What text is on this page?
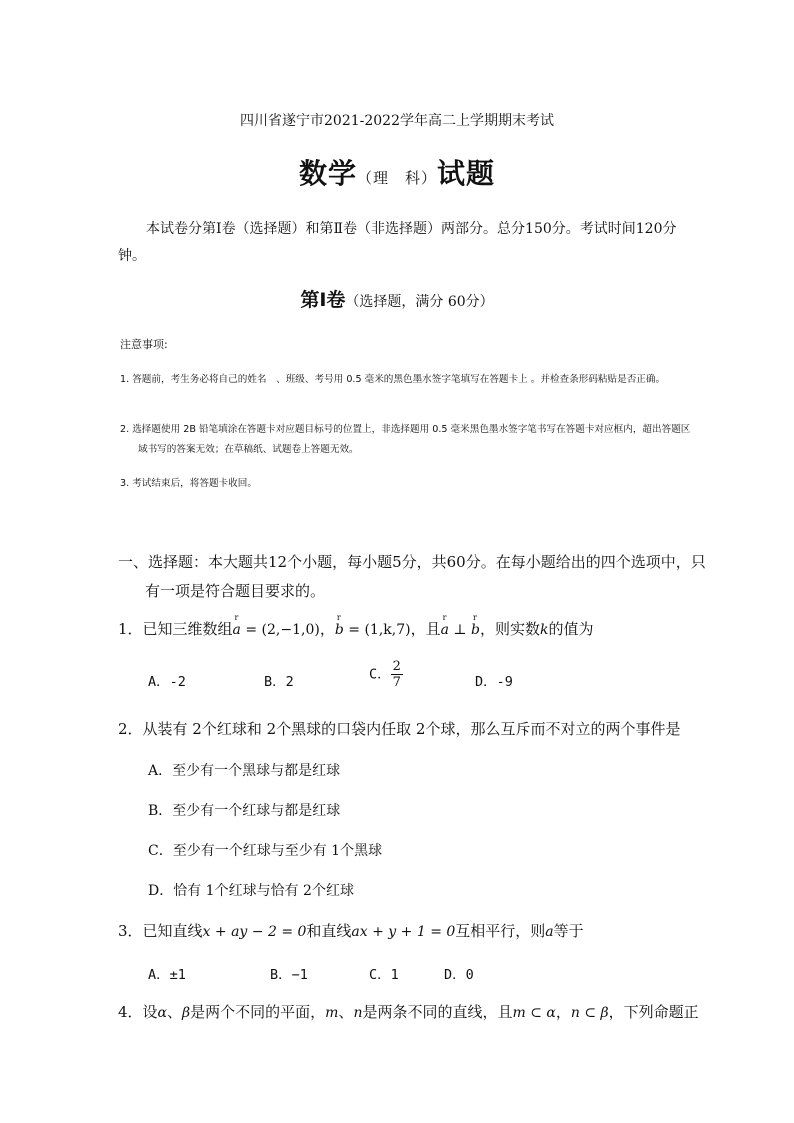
四川省遂宁市2021-2022学年高二上学期期末考试
数学（理　科）试题
本试卷分第Ⅰ卷（选择题）和第Ⅱ卷（非选择题）两部分。总分150分。考试时间120分钟。
第Ⅰ卷（选择题，满分 60分）
注意事项:
1. 答题前，考生务必将自己的姓名　、班级、考号用 0.5 毫米的黑色墨水签字笔填写在答题卡上 。并检查条形码粘贴是否正确。
2. 选择题使用 2B 铅笔填涂在答题卡对应题目标号的位置上，非选择题用 0.5 毫米黑色墨水签字笔书写在答题卡对应框内，超出答题区域书写的答案无效；在草稿纸、试题卷上答题无效。
3. 考试结束后，将答题卡收回。
一、选择题：本大题共12个小题，每小题5分，共60分。在每小题给出的四个选项中，只有一项是符合题目要求的。
1．已知三维数组
r
a = (2,−1,0)，
r
b = (1,k,7)，且
r
a ⊥
r
b，则实数k的值为
A．-2	B．2	C． $\frac{2}{7}$	D．-9
2．从装有 2个红球和 2个黑球的口袋内任取 2个球，那么互斥而不对立的两个事件是
A．至少有一个黑球与都是红球
B．至少有一个红球与都是红球
C．至少有一个红球与至少有 1个黑球
D．恰有 1个红球与恰有 2个红球
3．已知直线x + ay − 2 = 0和直线ax + y + 1 = 0互相平行，则a等于
A．±1	B．−1	C．1	D．0
4．设α、β是两个不同的平面，m、n是两条不同的直线，且m ⊂ α，n ⊂ β，下列命题正
